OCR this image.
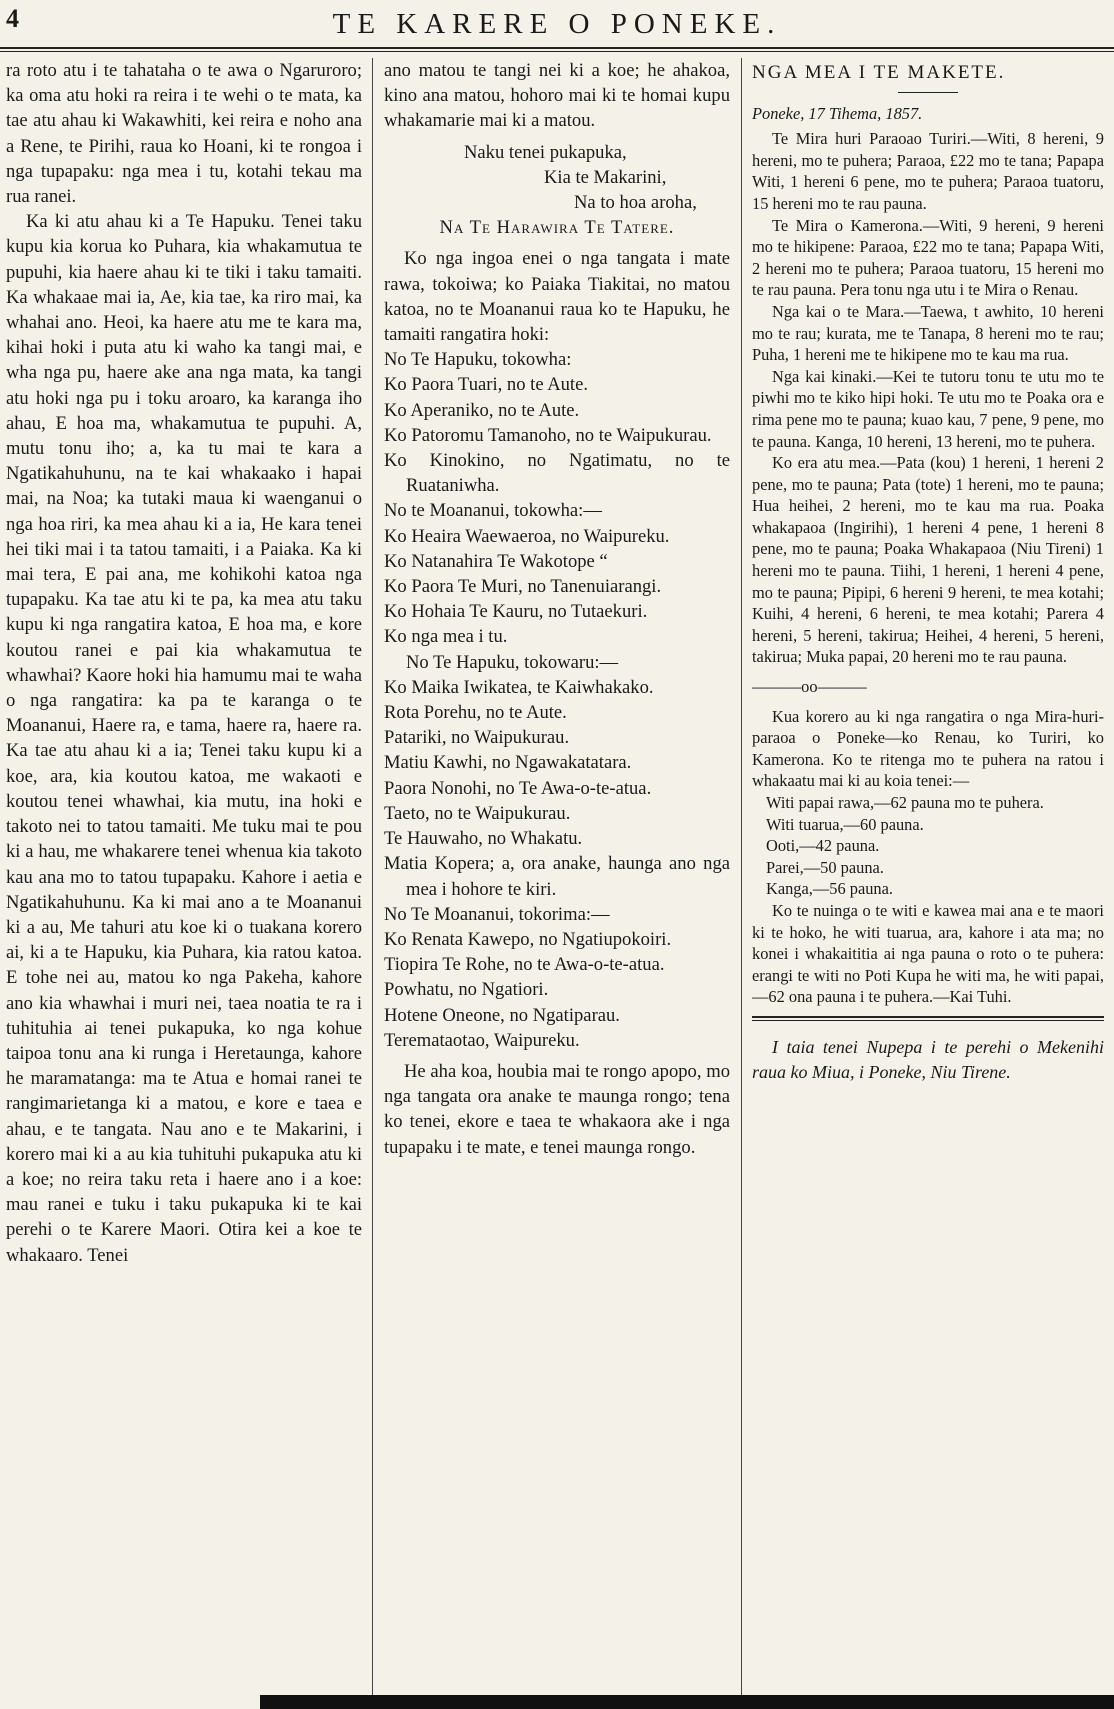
4	TE KARERE O PONEKE.

ra roto atu i te tahataha o te awa o Ngaruroro; ka oma atu hoki ra reira i te wehi o te mata, ka tae atu ahau ki Wakawhiti, kei reira e noho ana a Rene, te Pirihi, raua ko Hoani, ki te rongoa i nga tupapaku: nga mea i tu, kotahi tekau ma rua ranei.

Ka ki atu ahau ki a Te Hapuku. Tenei taku kupu kia korua ko Puhara, kia whakamutua te pupuhi, kia haere ahau ki te tiki i taku tamaiti. Ka whakaae mai ia, Ae, kia tae, ka riro mai, ka whahai ano. Heoi, ka haere atu me te kara ma, kihai hoki i puta atu ki waho ka tangi mai, e wha nga pu, haere ake ana nga mata, ka tangi atu hoki nga pu i toku aroaro, ka karanga iho ahau, E hoa ma, whakamutua te pupuhi. A, mutu tonu iho; a, ka tu mai te kara a Ngatikahuhunu, na te kai whakaako i hapai mai, na Noa; ka tutaki maua ki waenganui o nga hoa riri, ka mea ahau ki a ia, He kara tenei hei tiki mai i ta tatou tamaiti, i a Paiaka. Ka ki mai tera, E pai ana, me kohikohi katoa nga tupapaku. Ka tae atu ki te pa, ka mea atu taku kupu ki nga rangatira katoa, E hoa ma, e kore koutou ranei e pai kia whakamutua te whawhai? Kaore hoki hia hamumu mai te waha o nga rangatira: ka pa te karanga o te Moananui, Haere ra, e tama, haere ra, haere ra. Ka tae atu ahau ki a ia; Tenei taku kupu ki a koe, ara, kia koutou katoa, me wakaoti e koutou tenei whawhai, kia mutu, ina hoki e takoto nei to tatou tamaiti. Me tuku mai te pou ki a hau, me whakarere tenei whenua kia takoto kau ana mo to tatou tupapaku. Kahore i aetia e Ngatikahuhunu. Ka ki mai ano a te Moananui ki a au, Me tahuri atu koe ki o tuakana korero ai, ki a te Hapuku, kia Puhara, kia ratou katoa. E tohe nei au, matou ko nga Pakeha, kahore ano kia whawhai i muri nei, taea noatia te ra i tuhituhia ai tenei pukapuka, ko nga kohue taipoa tonu ana ki runga i Heretaunga, kahore he maramatanga: ma te Atua e homai ranei te rangimarietanga ki a matou, e kore e taea e ahau, e te tangata. Nau ano e te Makarini, i korero mai ki a au kia tuhituhi pukapuka atu ki a koe; no reira taku reta i haere ano i a koe: mau ranei e tuku i taku pukapuka ki te kai perehi o te Karere Maori. Otira kei a koe te whakaaro. Tenei

ano matou te tangi nei ki a koe; he ahakoa, kino ana matou, hohoro mai ki te homai kupu whakamarie mai ki a matou.

Naku tenei pukapuka,

Kia te Makarini,

Na to hoa aroha,

Na Te Harawira Te Tatere.

Ko nga ingoa enei o nga tangata i mate rawa, tokoiwa; ko Paiaka Tiakitai, no matou katoa, no te Moananui raua ko te Hapuku, he tamaiti rangatira hoki:

No Te Hapuku, tokowha:

Ko Paora Tuari, no te Aute.

Ko Aperaniko, no te Aute.

Ko Patoromu Tamanoho, no te Waipukurau.

Ko Kinokino, no Ngatimatu, no te Ruataniwha.

No te Moananui, tokowha:—

Ko Heaira Waewaeroa, no Waipureku.

Ko Natanahira Te Wakotope “

Ko Paora Te Muri, no Tanenuiarangi.

Ko Hohaia Te Kauru, no Tutaekuri.

Ko nga mea i tu.

No Te Hapuku, tokowaru:—

Ko Maika Iwikatea, te Kaiwhakako.

Rota Porehu, no te Aute.

Patariki, no Waipukurau.

Matiu Kawhi, no Ngawakatatara.

Paora Nonohi, no Te Awa-o-te-atua.

Taeto, no te Waipukurau.

Te Hauwaho, no Whakatu.

Matia Kopera; a, ora anake, haunga ano nga mea i hohore te kiri.

No Te Moananui, tokorima:—

Ko Renata Kawepo, no Ngatiupokoiri.

Tiopira Te Rohe, no te Awa-o-te-atua.

Powhatu, no Ngatiori.

Hotene Oneone, no Ngatiparau.

Teremataotao, Waipureku.

He aha koa, houbia mai te rongo apopo, mo nga tangata ora anake te maunga rongo; tena ko tenei, ekore e taea te whakaora ake i nga tupapaku i te mate, e tenei maunga rongo.

NGA MEA I TE MAKETE.

Poneke, 17 Tihema, 1857.

Te Mira huri Paraoao Turiri.—Witi, 8 hereni, 9 hereni, mo te puhera; Paraoa, £22 mo te tana; Papapa Witi, 1 hereni 6 pene, mo te puhera; Paraoa tuatoru, 15 hereni mo te rau pauna.

Te Mira o Kamerona.—Witi, 9 hereni, 9 hereni mo te hikipene: Paraoa, £22 mo te tana; Papapa Witi, 2 hereni mo te puhera; Paraoa tuatoru, 15 hereni mo te rau pauna. Pera tonu nga utu i te Mira o Renau.

Nga kai o te Mara.—Taewa, t awhito, 10 hereni mo te rau; kurata, me te Tanapa, 8 hereni mo te rau; Puha, 1 hereni me te hikipene mo te kau ma rua.

Nga kai kinaki.—Kei te tutoru tonu te utu mo te piwhi mo te kiko hipi hoki. Te utu mo te Poaka ora e rima pene mo te pauna; kuao kau, 7 pene, 9 pene, mo te pauna. Kanga, 10 hereni, 13 hereni, mo te puhera.

Ko era atu mea.—Pata (kou) 1 hereni, 1 hereni 2 pene, mo te pauna; Pata (tote) 1 hereni, mo te pauna; Hua heihei, 2 hereni, mo te kau ma rua. Poaka whakapaoa (Ingirihi), 1 hereni 4 pene, 1 hereni 8 pene, mo te pauna; Poaka Whakapaoa (Niu Tireni) 1 hereni mo te pauna. Tiihi, 1 hereni, 1 hereni 4 pene, mo te pauna; Pipipi, 6 hereni 9 hereni, te mea kotahi; Kuihi, 4 hereni, 6 hereni, te mea kotahi; Parera 4 hereni, 5 hereni, takirua; Heihei, 4 hereni, 5 hereni, takirua; Muka papai, 20 hereni mo te rau pauna.

———oo———

Kua korero au ki nga rangatira o nga Mira-huri-paraoa o Poneke—ko Renau, ko Turiri, ko Kamerona. Ko te ritenga mo te puhera na ratou i whakaatu mai ki au koia tenei:—

Witi papai rawa,—62 pauna mo te puhera.

Witi tuarua,—60 pauna.

Ooti,—42 pauna.

Parei,—50 pauna.

Kanga,—56 pauna.

Ko te nuinga o te witi e kawea mai ana e te maori ki te hoko, he witi tuarua, ara, kahore i ata ma; no konei i whakaititia ai nga pauna o roto o te puhera: erangi te witi no Poti Kupa he witi ma, he witi papai,—62 ona pauna i te puhera.—Kai Tuhi.

I taia tenei Nupepa i te perehi o Mekenihi raua ko Miua, i Poneke, Niu Tirene.
